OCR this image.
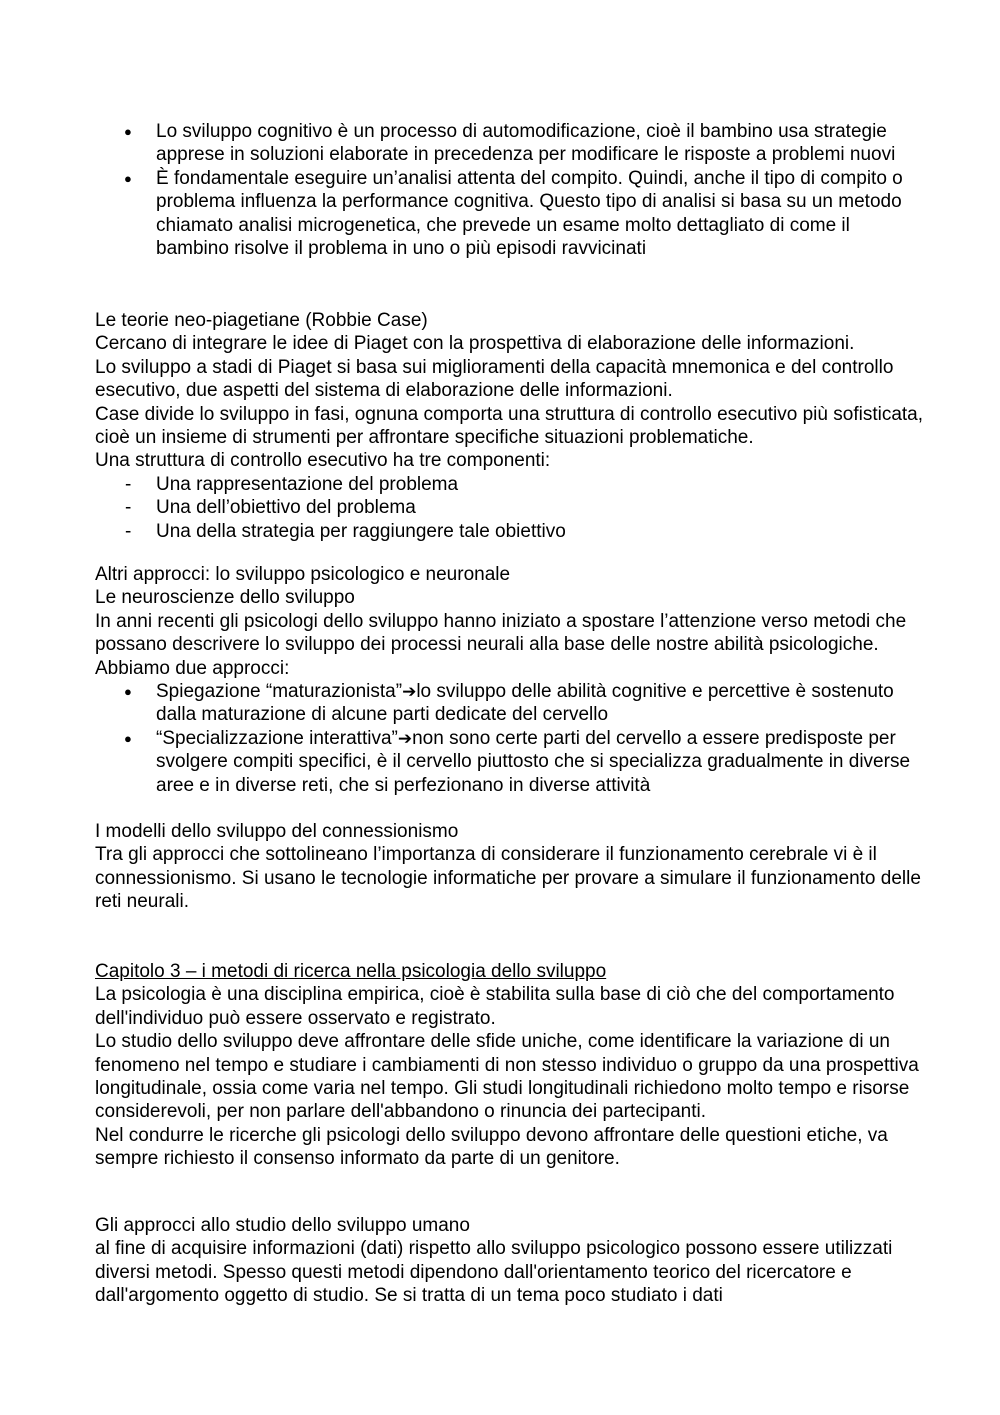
● Lo sviluppo cognitivo è un processo di automodificazione, cioè il bambino usa strategie apprese in soluzioni elaborate in precedenza per modificare le risposte a problemi nuovi
● È fondamentale eseguire un’analisi attenta del compito. Quindi, anche il tipo di compito o problema influenza la performance cognitiva. Questo tipo di analisi si basa su un metodo chiamato analisi microgenetica, che prevede un esame molto dettagliato di come il bambino risolve il problema in uno o più episodi ravvicinati

Le teorie neo-piagetiane (Robbie Case)

Cercano di integrare le idee di Piaget con la prospettiva di elaborazione delle informazioni.

Lo sviluppo a stadi di Piaget si basa sui miglioramenti della capacità mnemonica e del controllo esecutivo, due aspetti del sistema di elaborazione delle informazioni.

Case divide lo sviluppo in fasi, ognuna comporta una struttura di controllo esecutivo più sofisticata, cioè un insieme di strumenti per affrontare specifiche situazioni problematiche.

Una struttura di controllo esecutivo ha tre componenti:

- Una rappresentazione del problema
- Una dell’obiettivo del problema
- Una della strategia per raggiungere tale obiettivo

Altri approcci: lo sviluppo psicologico e neuronale

Le neuroscienze dello sviluppo

In anni recenti gli psicologi dello sviluppo hanno iniziato a spostare l’attenzione verso metodi che possano descrivere lo sviluppo dei processi neurali alla base delle nostre abilità psicologiche. Abbiamo due approcci:

● Spiegazione “maturazionista”➔lo sviluppo delle abilità cognitive e percettive è sostenuto dalla maturazione di alcune parti dedicate del cervello
● “Specializzazione interattiva”➔non sono certe parti del cervello a essere predisposte per svolgere compiti specifici, è il cervello piuttosto che si specializza gradualmente in diverse aree e in diverse reti, che si perfezionano in diverse attività

I modelli dello sviluppo del connessionismo

Tra gli approcci che sottolineano l’importanza di considerare il funzionamento cerebrale vi è il connessionismo. Si usano le tecnologie informatiche per provare a simulare il funzionamento delle reti neurali.

Capitolo 3 – i metodi di ricerca nella psicologia dello sviluppo

La psicologia è una disciplina empirica, cioè è stabilita sulla base di ciò che del comportamento dell'individuo può essere osservato e registrato.

Lo studio dello sviluppo deve affrontare delle sfide uniche, come identificare la variazione di un fenomeno nel tempo e studiare i cambiamenti di non stesso individuo o gruppo da una prospettiva longitudinale, ossia come varia nel tempo. Gli studi longitudinali richiedono molto tempo e risorse considerevoli, per non parlare dell'abbandono o rinuncia dei partecipanti.

Nel condurre le ricerche gli psicologi dello sviluppo devono affrontare delle questioni etiche, va sempre richiesto il consenso informato da parte di un genitore.

Gli approcci allo studio dello sviluppo umano

al fine di acquisire informazioni (dati) rispetto allo sviluppo psicologico possono essere utilizzati diversi metodi. Spesso questi metodi dipendono dall'orientamento teorico del ricercatore e dall'argomento oggetto di studio. Se si tratta di un tema poco studiato i dati
